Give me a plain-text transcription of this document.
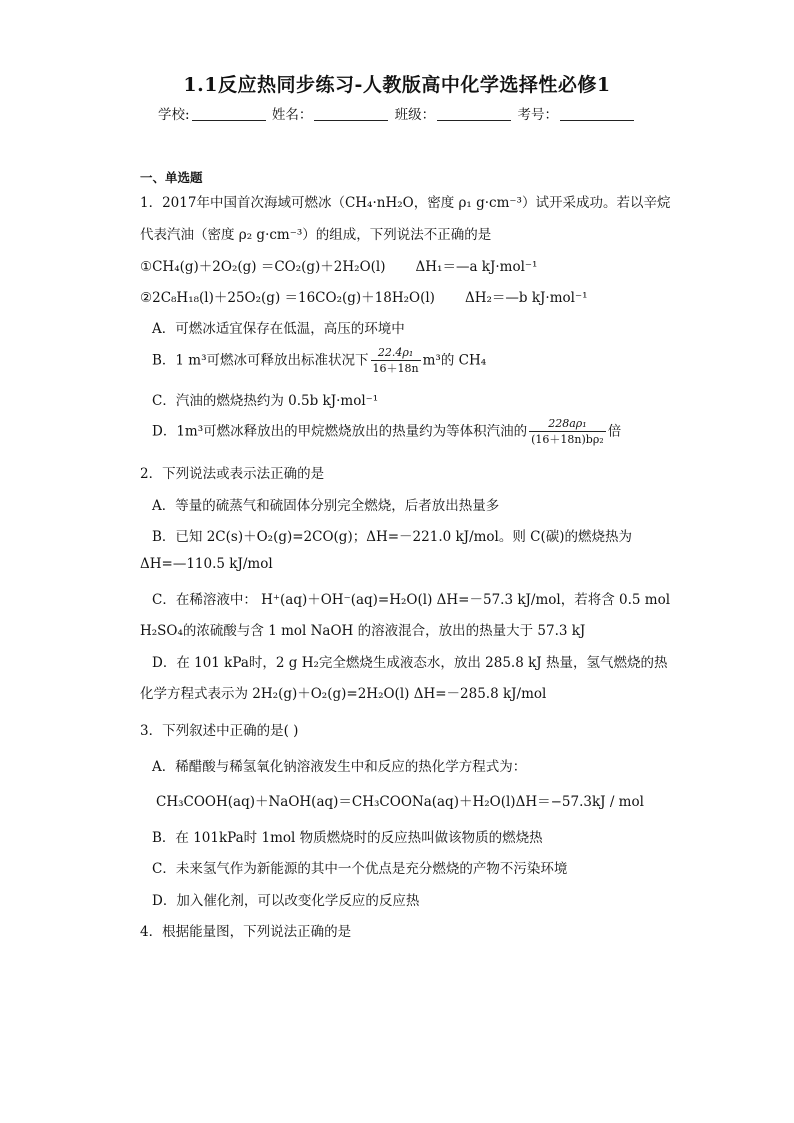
1.1反应热同步练习-人教版高中化学选择性必修1
学校:	姓名：	班级：	考号：
一、单选题
1．2017年中国首次海域可燃冰（CH₄·nH₂O，密度 ρ₁ g·cm⁻³）试开采成功。若以辛烷
代表汽油（密度 ρ₂ g·cm⁻³）的组成，下列说法不正确的是
①CH₄(g)＋2O₂(g) ＝CO₂(g)＋2H₂O(l) ΔH₁＝—a kJ·mol⁻¹
②2C₈H₁₈(l)＋25O₂(g) ＝16CO₂(g)＋18H₂O(l) ΔH₂＝—b kJ·mol⁻¹
A．可燃冰适宜保存在低温，高压的环境中
B．1 m³可燃冰可释放出标准状况下 $\frac{\text{22.4ρ₁}}{16+18n} m^3$的 CH₄
C．汽油的燃烧热约为 0.5b kJ·mol⁻¹
D．1m³可燃冰释放出的甲烷燃烧放出的热量约为等体积汽油的 $\frac{\text{228aρ₁}}{\text{(16＋18n)bρ₂}}$ 倍
2．下列说法或表示法正确的是
A．等量的硫蒸气和硫固体分别完全燃烧，后者放出热量多
B．已知 2C(s)＋O₂(g)=2CO(g)；ΔH=－221.0 kJ/mol。则 C(碳)的燃烧热为
ΔH=—110.5 kJ/mol
C．在稀溶液中： H⁺(aq)＋OH⁻(aq)=H₂O(l) ΔH=－57.3 kJ/mol，若将含 0.5 mol
H₂SO₄的浓硫酸与含 1 mol NaOH 的溶液混合，放出的热量大于 57.3 kJ
D．在 101 kPa时，2 g H₂完全燃烧生成液态水，放出 285.8 kJ 热量，氢气燃烧的热
化学方程式表示为 2H₂(g)＋O₂(g)=2H₂O(l) ΔH=－285.8 kJ/mol
3．下列叙述中正确的是( )
A．稀醋酸与稀氢氧化钠溶液发生中和反应的热化学方程式为：
CH₃COOH(aq)＋NaOH(aq)＝CH₃COONa(aq)＋H₂O(l)ΔH＝−57.3kJ / mol
B．在 101kPa时 1mol 物质燃烧时的反应热叫做该物质的燃烧热
C．未来氢气作为新能源的其中一个优点是充分燃烧的产物不污染环境
D．加入催化剂，可以改变化学反应的反应热
4．根据能量图，下列说法正确的是
